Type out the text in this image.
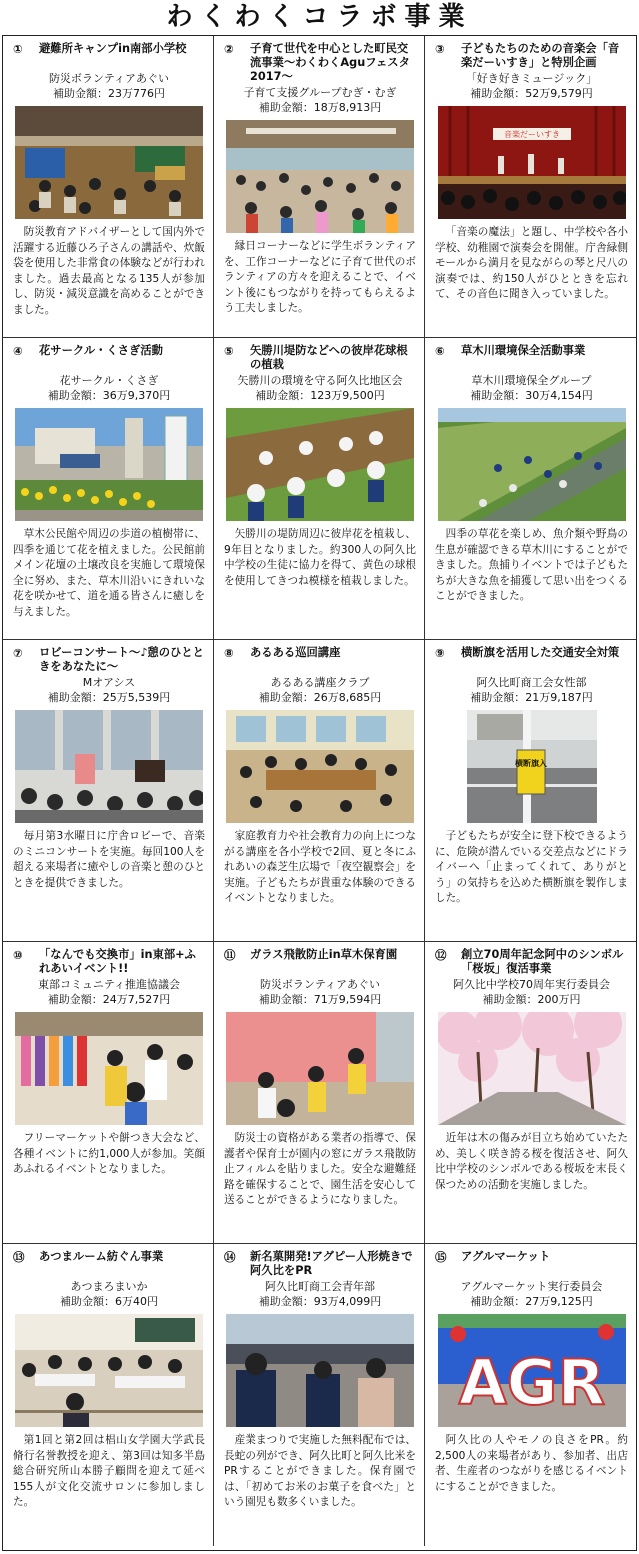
わくわくコラボ事業
①	避難所キャンプin南部小学校
防災ボランティアあぐい
補助金額：23万776円
防災教育アドバイザーとして国内外で活躍する近藤ひろ子さんの講話や、炊飯袋を使用した非常食の体験などが行われました。過去最高となる135人が参加し、防災・減災意識を高めることができました。
②	子育て世代を中心とした町民交流事業～わくわくAguフェスタ2017～
子育て支援グループむぎ・むぎ
補助金額：18万8,913円
縁日コーナーなどに学生ボランティアを、工作コーナーなどに子育て世代のボランティアの方々を迎えることで、イベント後にもつながりを持ってもらえるよう工夫しました。
③	子どもたちのための音楽会「音楽だーいすき」と特別企画
「好き好きミュージック」
補助金額：52万9,579円
音楽だーいすき
「音楽の魔法」と題し、中学校や各小学校、幼稚園で演奏会を開催。庁舎緑側モールから満月を見ながらの琴と尺八の演奏では、約150人がひとときを忘れて、その音色に聞き入っていました。
④	花サークル・くさぎ活動
花サークル・くさぎ
補助金額：36万9,370円
草木公民館や周辺の歩道の植樹帯に、四季を通じて花を植えました。公民館前メイン花壇の土壌改良を実施して環境保全に努め、また、草木川沿いにきれいな花を咲かせて、道を通る皆さんに癒しを与えました。
⑤	矢勝川堤防などへの彼岸花球根の植栽
矢勝川の環境を守る阿久比地区会
補助金額：123万9,500円
矢勝川の堤防周辺に彼岸花を植栽し、9年目となりました。約300人の阿久比中学校の生徒に協力を得て、黄色の球根を使用してきつね模様を植栽しました。
⑥	草木川環境保全活動事業
草木川環境保全グループ
補助金額：30万4,154円
四季の草花を楽しめ、魚介類や野鳥の生息が確認できる草木川にすることができました。魚捕りイベントでは子どもたちが大きな魚を捕獲して思い出をつくることができました。
⑦	ロビーコンサート～♪憩のひとときをあなたに～
Mオアシス
補助金額：25万5,539円
毎月第3水曜日に庁舎ロビーで、音楽のミニコンサートを実施。毎回100人を超える来場者に癒やしの音楽と憩のひとときを提供できました。
⑧	あるある巡回講座
あるある講座クラブ
補助金額：26万8,685円
家庭教育力や社会教育力の向上につながる講座を各小学校で2回、夏と冬にふれあいの森芝生広場で「夜空観察会」を実施。子どもたちが貴重な体験のできるイベントとなりました。
⑨	横断旗を活用した交通安全対策
阿久比町商工会女性部
補助金額：21万9,187円
横断旗入
子どもたちが安全に登下校できるように、危険が潜んでいる交差点などにドライバーへ「止まってくれて、ありがとう」の気持ちを込めた横断旗を製作しました。
⑩	「なんでも交換市」in東部+ふれあいイベント!!
東部コミュニティ推進協議会
補助金額：24万7,527円
フリーマーケットや餅つき大会など、各種イベントに約1,000人が参加。笑顔あふれるイベントとなりました。
⑪	ガラス飛散防止in草木保育園
防災ボランティアあぐい
補助金額：71万9,594円
防災士の資格がある業者の指導で、保護者や保育士が園内の窓にガラス飛散防止フィルムを貼りました。安全な避難経路を確保することで、園生活を安心して送ることができるようになりました。
⑫	創立70周年記念阿中のシンボル「桜坂」復活事業
阿久比中学校70周年実行委員会
補助金額：200万円
近年は木の傷みが目立ち始めていたため、美しく咲き誇る桜を復活させ、阿久比中学校のシンボルである桜坂を末長く保つための活動を実施しました。
⑬	あつまルーム紡ぐん事業
あつまろまいか
補助金額：6万40円
第1回と第2回は椙山女学園大学武長脩行名誉教授を迎え、第3回は知多半島総合研究所山本勝子顧問を迎えて延べ155人が文化交流サロンに参加しました。
⑭	新名菓開発!アグピー人形焼きで阿久比をPR
阿久比町商工会青年部
補助金額：93万4,099円
産業まつりで実施した無料配布では、長蛇の列ができ、阿久比町と阿久比米をPRすることができました。保育園では、「初めてお米のお菓子を食べた」という園児も数多くいました。
⑮	アグルマーケット
アグルマーケット実行委員会
補助金額：27万9,125円
AGR
阿久比の人やモノの良さをPR。約2,500人の来場者があり、参加者、出店者、生産者のつながりを感じるイベントにすることができました。
